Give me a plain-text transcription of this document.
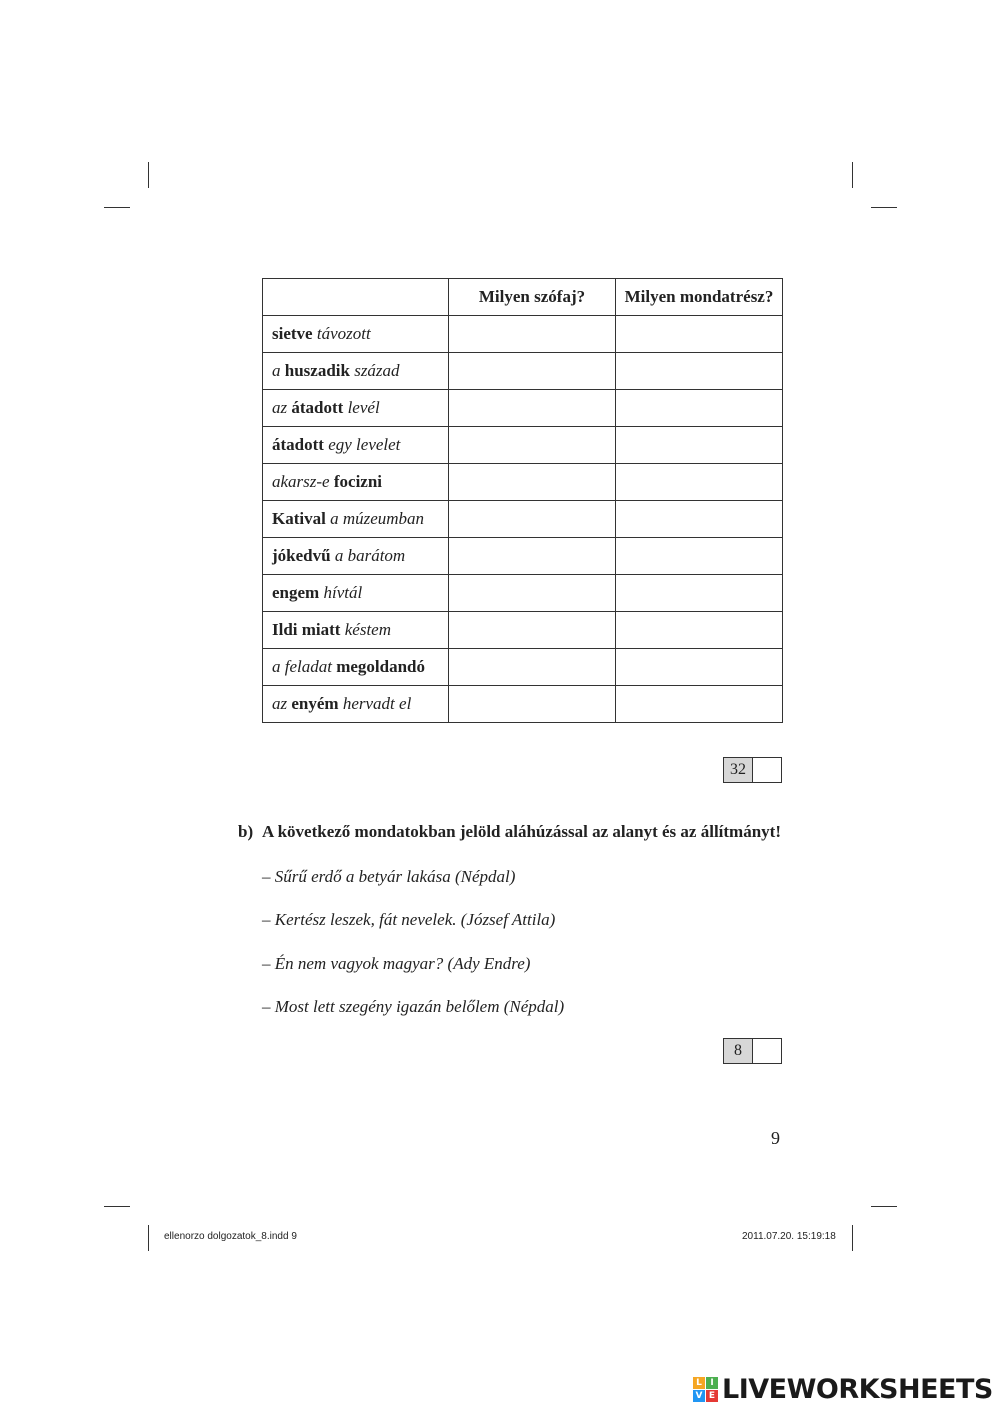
	Milyen szófaj?	Milyen mondatrész?
sietve távozott		
a huszadik század		
az átadott levél		
átadott egy levelet		
akarsz-e focizni		
Katival a múzeumban		
jókedvű a barátom		
engem hívtál		
Ildi miatt késtem		
a feladat megoldandó		
az enyém hervadt el		
32
b) A következő mondatokban jelöld aláhúzással az alanyt és az állítmányt!
– Sűrű erdő a betyár lakása (Népdal)
– Kertész leszek, fát nevelek. (József Attila)
– Én nem vagyok magyar? (Ady Endre)
– Most lett szegény igazán belőlem (Népdal)
8
9
ellenorzo dolgozatok_8.indd 9	2011.07.20. 15:19:18
L I
V E LIVEWORKSHEETS
